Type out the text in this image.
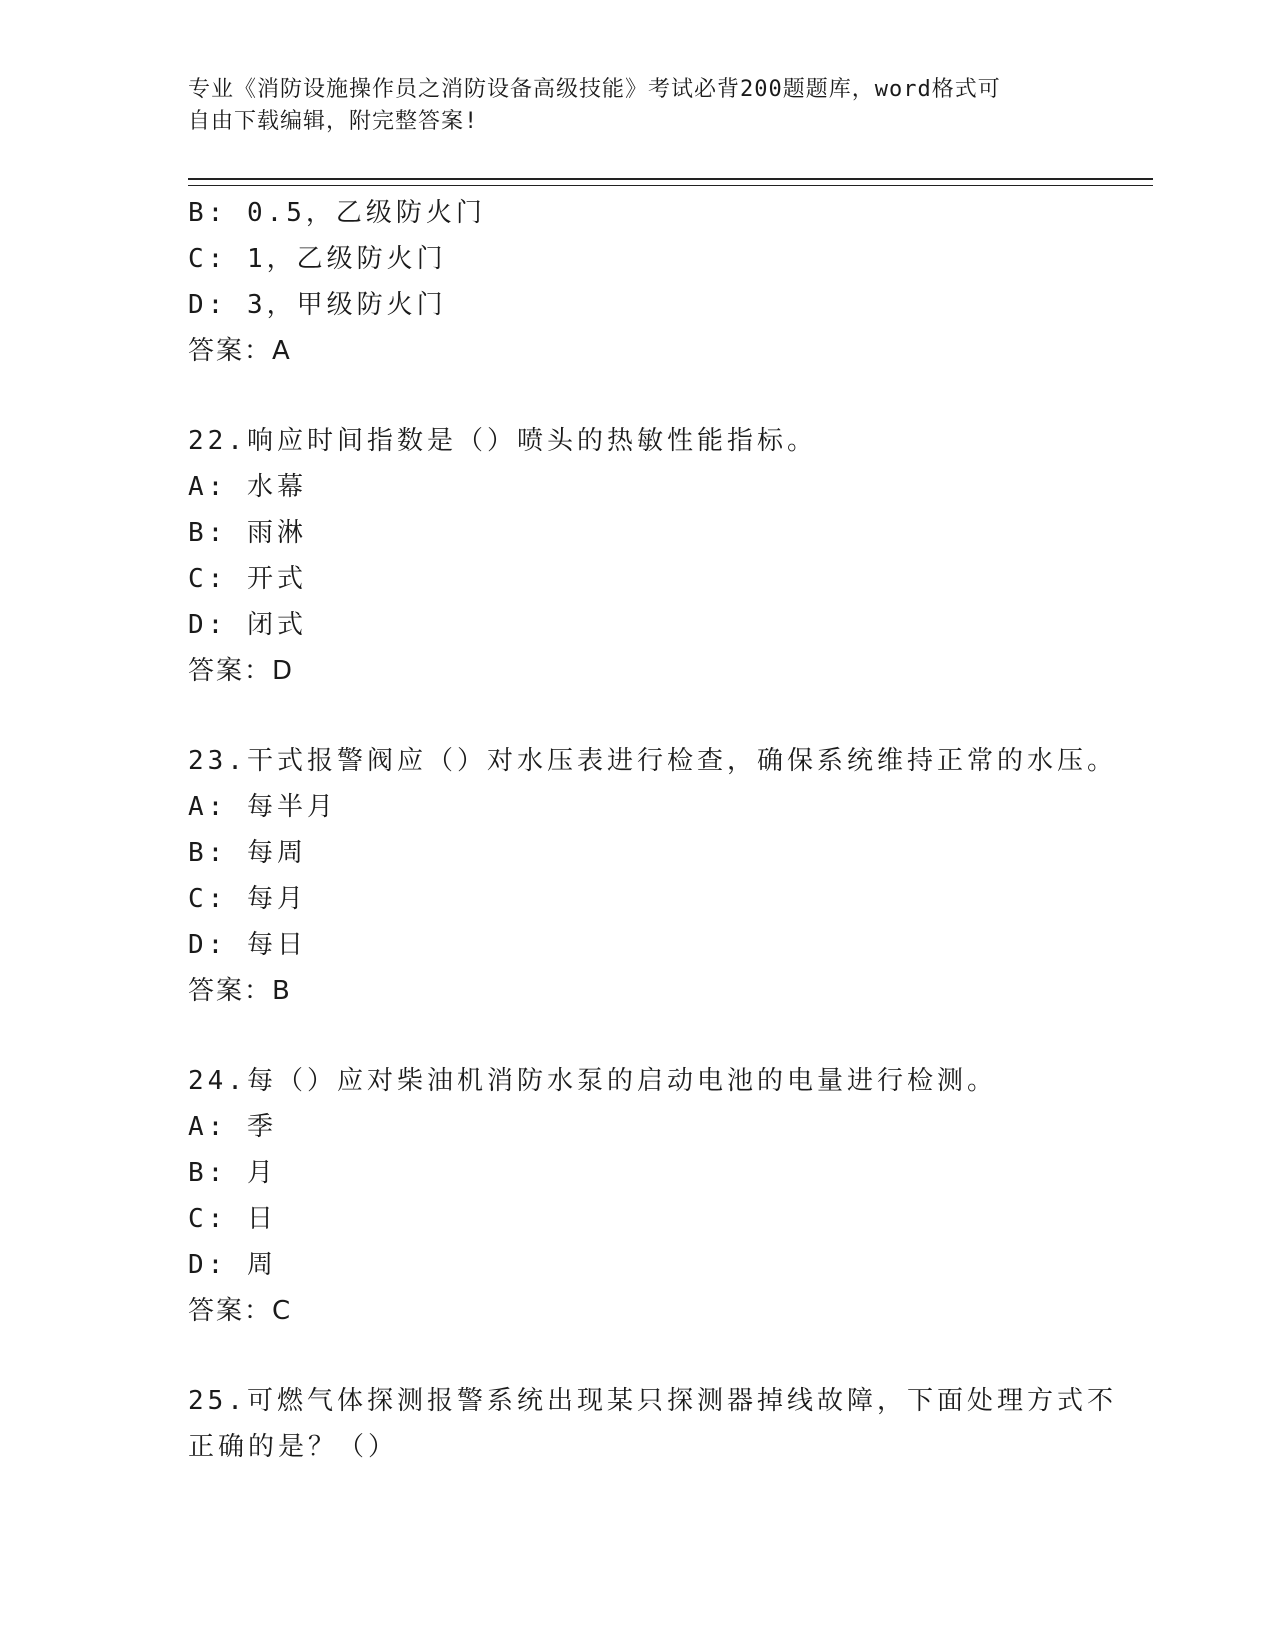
专业《消防设施操作员之消防设备高级技能》考试必背200题题库，word格式可
自由下载编辑，附完整答案!
B: 0.5，乙级防火门
C: 1，乙级防火门
D: 3，甲级防火门
答案：A
22.响应时间指数是（）喷头的热敏性能指标。
A: 水幕
B: 雨淋
C: 开式
D: 闭式
答案：D
23.干式报警阀应（）对水压表进行检查，确保系统维持正常的水压。
A: 每半月
B: 每周
C: 每月
D: 每日
答案：B
24.每（）应对柴油机消防水泵的启动电池的电量进行检测。
A: 季
B: 月
C: 日
D: 周
答案：C
25.可燃气体探测报警系统出现某只探测器掉线故障，下面处理方式不
正确的是？（）
